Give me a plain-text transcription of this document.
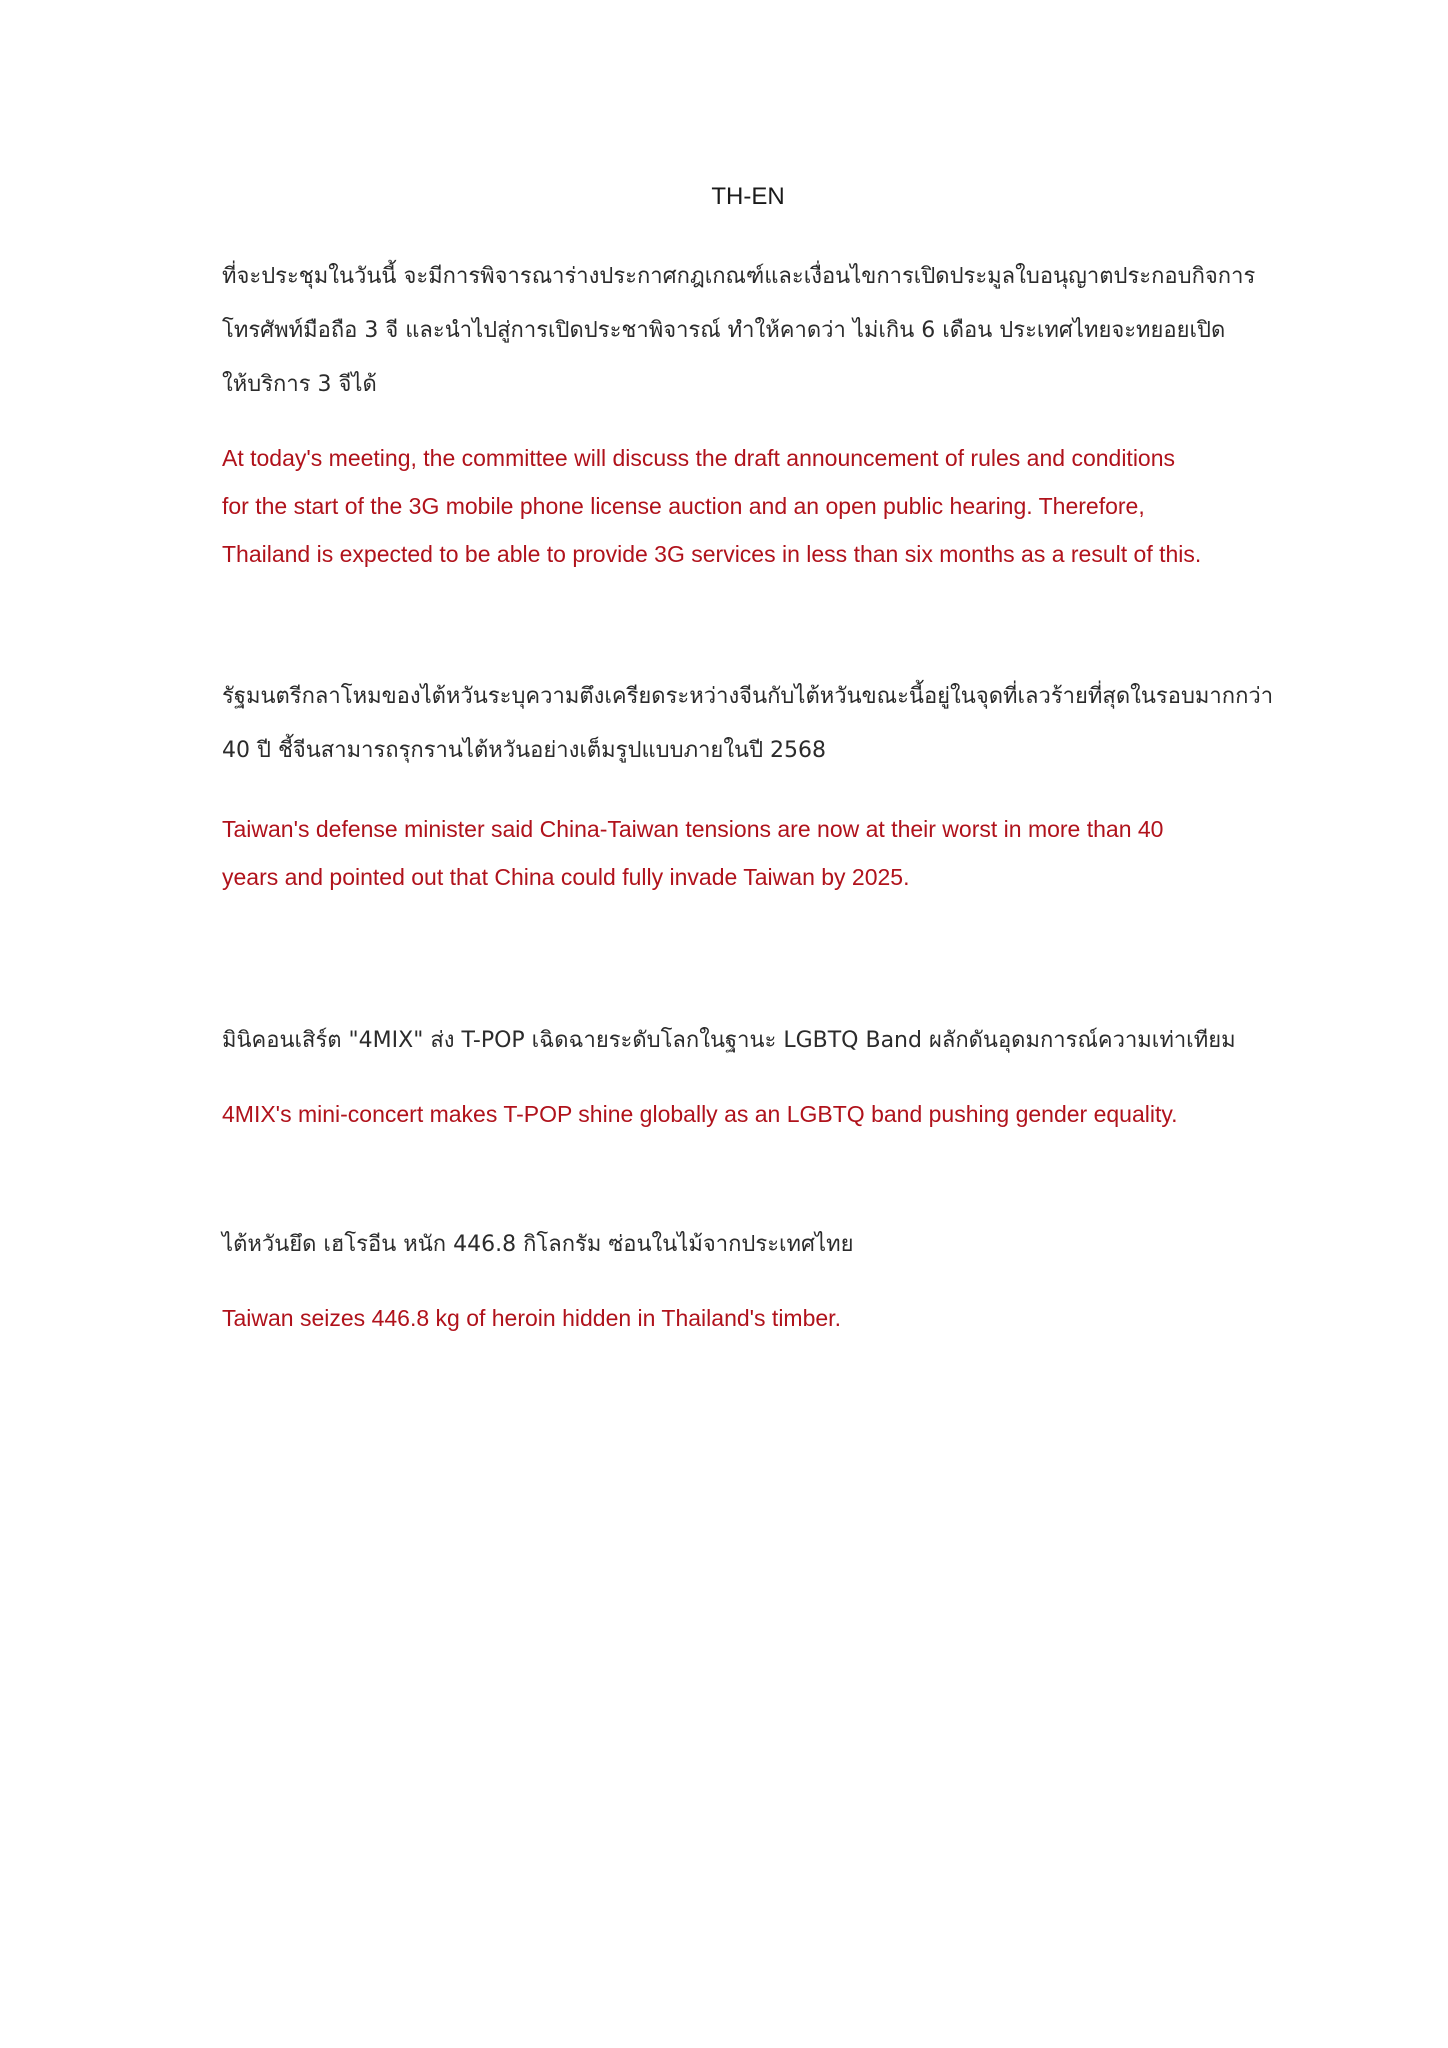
TH-EN
ที่จะประชุมในวันนี้ จะมีการพิจารณาร่างประกาศกฎเกณฑ์และเงื่อนไขการเปิดประมูลใบอนุญาตประกอบกิจการ
โทรศัพท์มือถือ 3 จี และนำไปสู่การเปิดประชาพิจารณ์ ทำให้คาดว่า ไม่เกิน 6 เดือน ประเทศไทยจะทยอยเปิด
ให้บริการ 3 จีได้
At today's meeting, the committee will discuss the draft announcement of rules and conditions
for the start of the 3G mobile phone license auction and an open public hearing. Therefore,
Thailand is expected to be able to provide 3G services in less than six months as a result of this.
รัฐมนตรีกลาโหมของไต้หวันระบุความตึงเครียดระหว่างจีนกับไต้หวันขณะนี้อยู่ในจุดที่เลวร้ายที่สุดในรอบมากกว่า
40 ปี ชี้จีนสามารถรุกรานไต้หวันอย่างเต็มรูปแบบภายในปี 2568
Taiwan's defense minister said China-Taiwan tensions are now at their worst in more than 40
years and pointed out that China could fully invade Taiwan by 2025.
มินิคอนเสิร์ต "4MIX" ส่ง T-POP เฉิดฉายระดับโลกในฐานะ LGBTQ Band ผลักดันอุดมการณ์ความเท่าเทียม
4MIX's mini-concert makes T-POP shine globally as an LGBTQ band pushing gender equality.
ไต้หวันยึด เฮโรอีน หนัก 446.8 กิโลกรัม ซ่อนในไม้จากประเทศไทย
Taiwan seizes 446.8 kg of heroin hidden in Thailand's timber.
